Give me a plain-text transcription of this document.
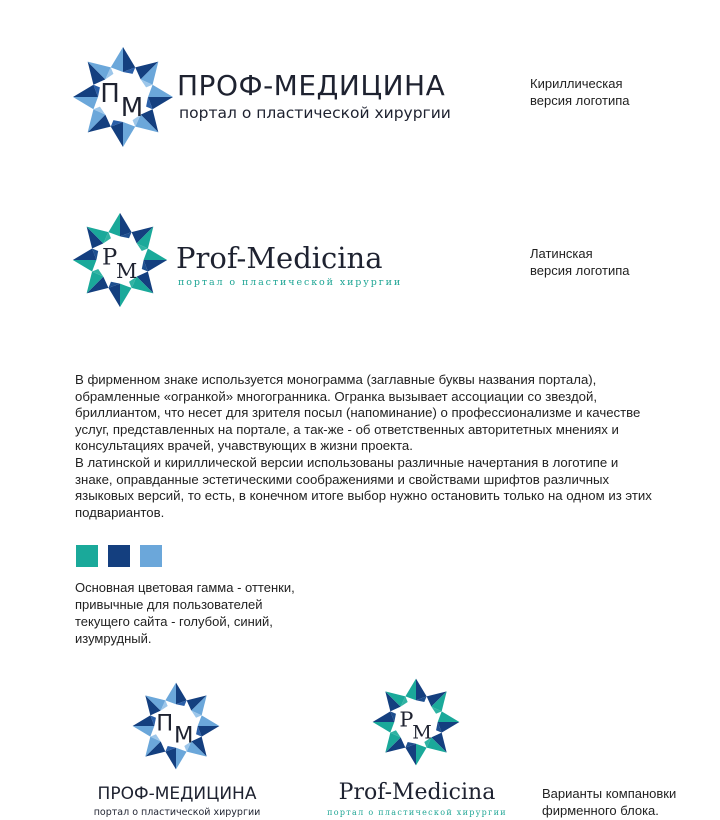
П М
ПРОФ-МЕДИЦИНА
портал о пластической хирургии
Кириллическая
версия логотипа
P
M Prof-Medicina
портал о пластической хирургии
Латинская
версия логотипа
В фирменном знаке используется монограмма (заглавные буквы названия портала),
обрамленные «огранкой» многогранника. Огранка вызывает ассоциации со звездой,
бриллиантом, что несет для зрителя посыл (напоминание) о профессионализме и качестве
услуг, представленных на портале, а так-же - об ответственных авторитетных мнениях и
консультациях врачей, учавствующих в жизни проекта.
В латинской и кириллической версии использованы различные начертания в логотипе и
знаке, оправданные эстетическими соображениями и свойствами шрифтов различных
языковых версий, то есть, в конечном итоге выбор нужно остановить только на одном из этих
подвариантов.
Основная цветовая гамма - оттенки,
привычные для пользователей
текущего сайта - голубой, синий,
изумрудный.
П М
ПРОФ-МЕДИЦИНА
портал о пластической хирургии
P
M
Prof-Medicina
портал о пластической хирургии
Варианты компановки
фирменного блока.
